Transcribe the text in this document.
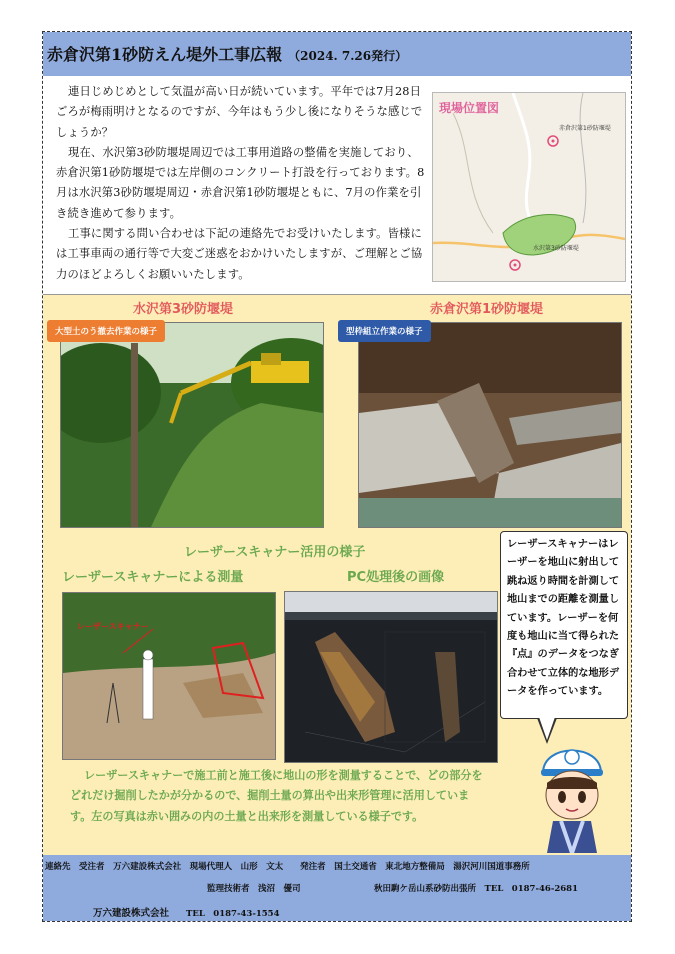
赤倉沢第1砂防えん堤外工事広報 （2024. 7.26発行）

連日じめじめとして気温が高い日が続いています。平年では7月28日ごろが梅雨明けとなるのですが、今年はもう少し後になりそうな感じでしょうか？

現在、水沢第3砂防堰堤周辺では工事用道路の整備を実施しており、赤倉沢第1砂防堰堤では左岸側のコンクリート打設を行っております。8月は水沢第3砂防堰堤周辺・赤倉沢第1砂防堰堤ともに、7月の作業を引き続き進めて参ります。

工事に関する問い合わせは下記の連絡先でお受けいたします。皆様には工事車両の通行等で大変ご迷惑をおかけいたしますが、ご理解とご協力のほどよろしくお願いいたします。

現場位置図
赤倉沢第1砂防堰堤
水沢第3砂防堰堤
水沢第3砂防堰堤	赤倉沢第1砂防堰堤
大型土のう撤去作業の様子	型枠組立作業の様子
レーザースキャナー活用の様子
レーザースキャナーによる測量	PC処理後の画像
レーザースキャナー
レーザースキャナーはレーザーを地山に射出して跳ね返り時間を計測して地山までの距離を測量しています。レーザーを何度も地山に当て得られた『点』のデータをつなぎ合わせて立体的な地形データを作っています。

レーザースキャナーで施工前と施工後に地山の形を測量することで、どの部分をどれだけ掘削したかが分かるので、掘削土量の算出や出来形管理に活用しています。左の写真は赤い囲みの内の土量と出来形を測量している様子です。

連絡先　 受注者　 万六建設株式会社　 現場代理人　 山形　文太　　 発注者　 国土交通省　東北地方整備局　湯沢河川国道事務所
監理技術者　 浅沼　優司	秋田駒ケ岳山系砂防出張所　 TEL　0187-46-2681
万六建設株式会社　　 TEL　0187-43-1554
